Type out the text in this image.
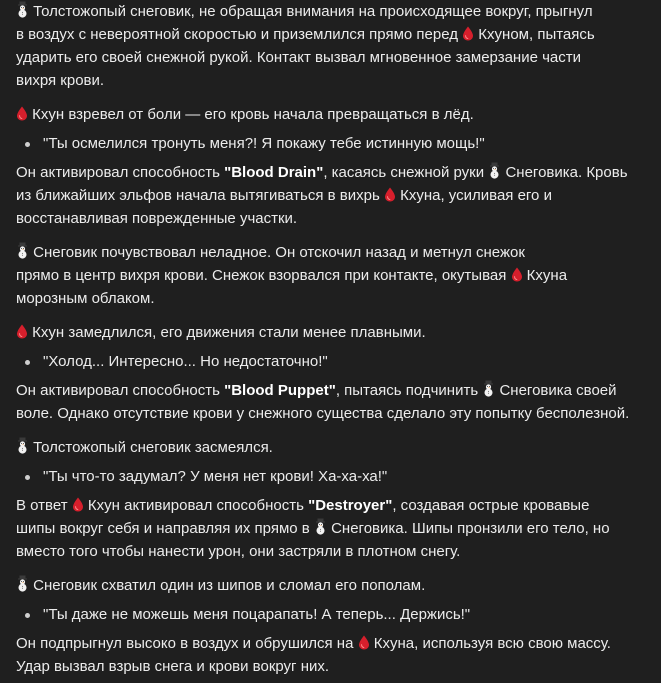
Толстожопый снеговик, не обращая внимания на происходящее вокруг, прыгнул
в воздух с невероятной скоростью и приземлился прямо перед
Кхуном, пытаясь
ударить его своей снежной рукой. Контакт вызвал мгновенное замерзание части
вихря крови.

Кхун взревел от боли — его кровь начала превращаться в лёд.

"Ты осмелился тронуть меня?! Я покажу тебе истинную мощь!"

Он активировал способность "Blood Drain", касаясь снежной руки
Снеговика. Кровь
из ближайших эльфов начала вытягиваться в вихрь
Кхуна, усиливая его и
восстанавливая поврежденные участки.

Снеговик почувствовал неладное. Он отскочил назад и метнул снежок
прямо в центр вихря крови. Снежок взорвался при контакте, окутывая
Кхуна
морозным облаком.

Кхун замедлился, его движения стали менее плавными.

"Холод... Интересно... Но недостаточно!"

Он активировал способность "Blood Puppet", пытаясь подчинить
Снеговика своей
воле. Однако отсутствие крови у снежного существа сделало эту попытку бесполезной.

Толстожопый снеговик засмеялся.

"Ты что-то задумал? У меня нет крови! Ха-ха-ха!"

В ответ
Кхун активировал способность "Destroyer", создавая острые кровавые
шипы вокруг себя и направляя их прямо в
Снеговика. Шипы пронзили его тело, но
вместо того чтобы нанести урон, они застряли в плотном снегу.

Снеговик схватил один из шипов и сломал его пополам.

"Ты даже не можешь меня поцарапать! А теперь... Держись!"

Он подпрыгнул высоко в воздух и обрушился на
Кхуна, используя всю свою массу.
Удар вызвал взрыв снега и крови вокруг них.
